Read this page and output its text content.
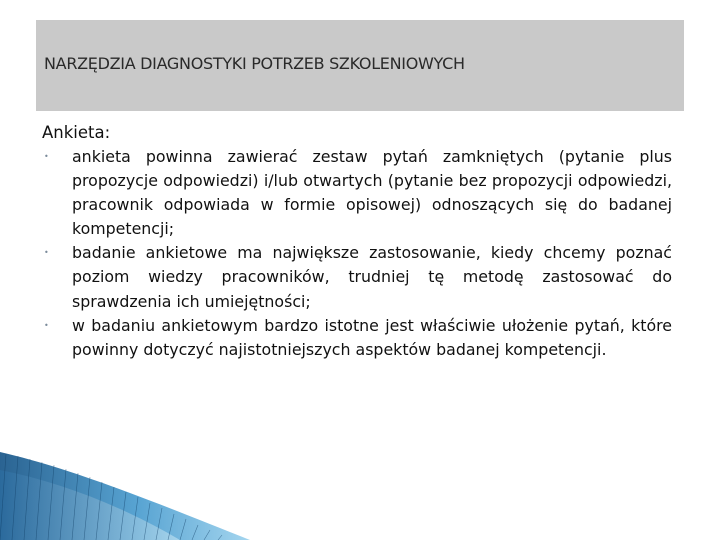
NARZĘDZIA DIAGNOSTYKI POTRZEB SZKOLENIOWYCH
Ankieta:
•	ankieta powinna zawierać zestaw pytań zamkniętych (pytanie plus propozycje odpowiedzi) i/lub otwartych (pytanie bez propozycji odpowiedzi, pracownik odpowiada w formie opisowej) odnoszących się do badanej kompetencji;
•	badanie ankietowe ma największe zastosowanie, kiedy chcemy poznać poziom wiedzy pracowników, trudniej tę metodę zastosować do sprawdzenia ich umiejętności;
•	w badaniu ankietowym bardzo istotne jest właściwie ułożenie pytań, które powinny dotyczyć najistotniejszych aspektów badanej kompetencji.
